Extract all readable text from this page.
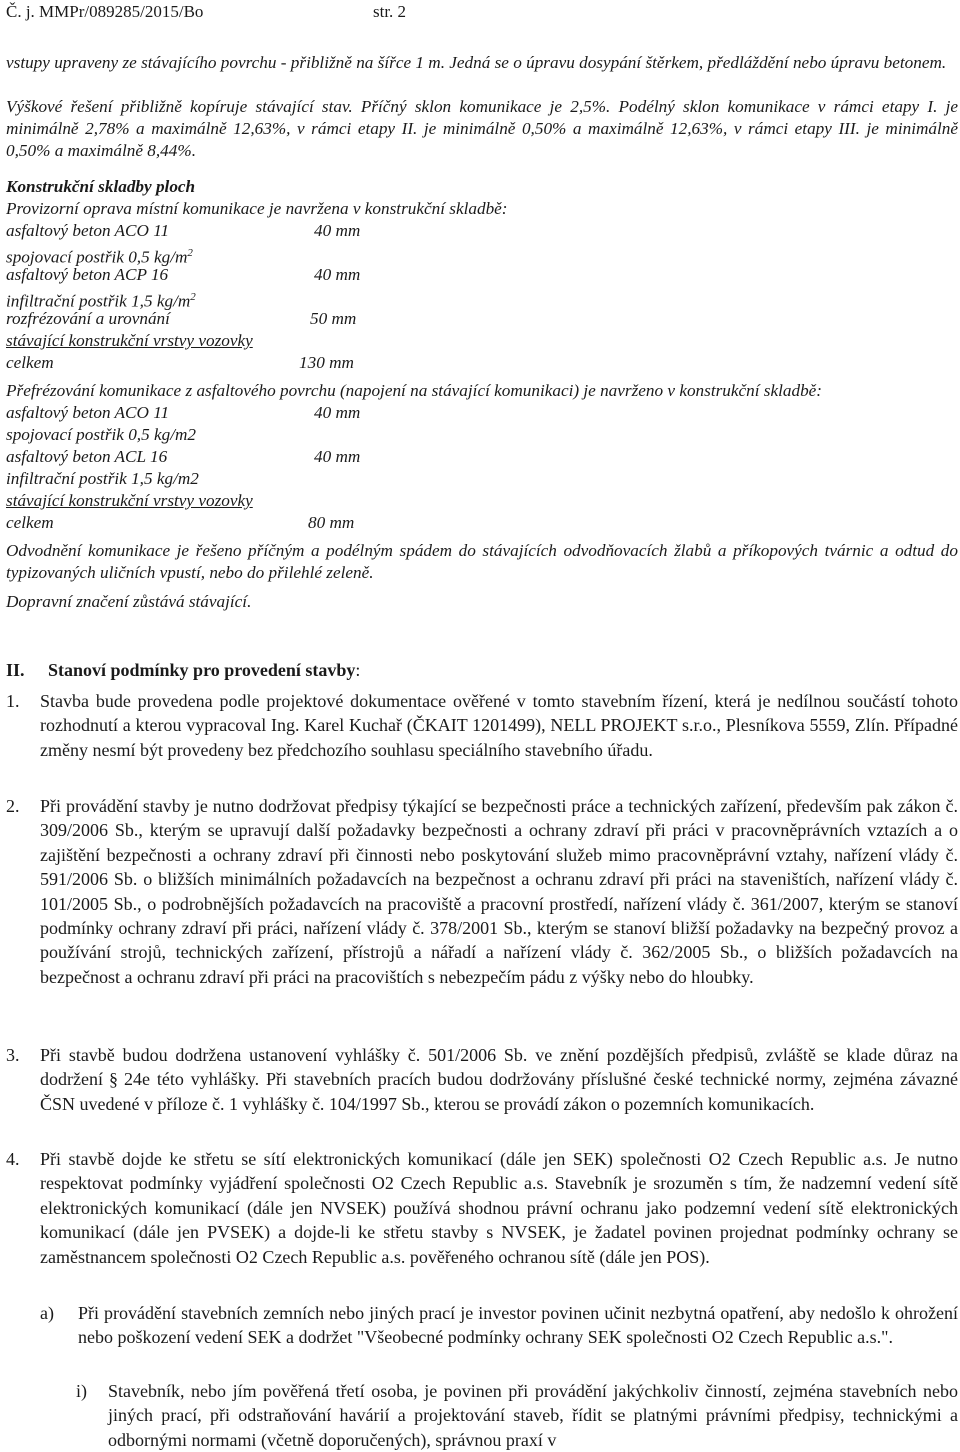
Č. j. MMPr/089285/2015/Bo	str. 2
vstupy upraveny ze stávajícího povrchu - přibližně na šířce 1 m. Jedná se o úpravu dosypání štěrkem, předláždění nebo úpravu betonem.
Výškové řešení přibližně kopíruje stávající stav. Příčný sklon komunikace je 2,5%. Podélný sklon komunikace v rámci etapy I. je minimálně 2,78% a maximálně 12,63%, v rámci etapy II. je minimálně 0,50% a maximálně 12,63%, v rámci etapy III. je minimálně 0,50% a maximálně 8,44%.
Konstrukční skladby ploch
Provizorní oprava místní komunikace je navržena v konstrukční skladbě:
asfaltový beton ACO 11	40 mm
spojovací postřik 0,5 $kg/m^2$
asfaltový beton ACP 16	40 mm
infiltrační postřik 1,5 $kg/m^2$
rozfrézování a urovnání	50 mm
stávající konstrukční vrstvy vozovky
celkem	130 mm
Přefrézování komunikace z asfaltového povrchu (napojení na stávající komunikaci) je navrženo v konstrukční skladbě:
asfaltový beton ACO 11	40 mm
spojovací postřik 0,5 kg/m2
asfaltový beton ACL 16	40 mm
infiltrační postřik 1,5 kg/m2
stávající konstrukční vrstvy vozovky
celkem	80 mm
Odvodnění komunikace je řešeno příčným a podélným spádem do stávajících odvodňovacích žlabů a příkopových tvárnic a odtud do typizovaných uličních vpustí, nebo do přilehlé zeleně.
Dopravní značení zůstává stávající.
II. Stanoví podmínky pro provedení stavby:
1. Stavba bude provedena podle projektové dokumentace ověřené v tomto stavebním řízení, která je nedílnou součástí tohoto rozhodnutí a kterou vypracoval Ing. Karel Kuchař (ČKAIT 1201499), NELL PROJEKT s.r.o., Plesníkova 5559, Zlín. Případné změny nesmí být provedeny bez předchozího souhlasu speciálního stavebního úřadu.
2. Při provádění stavby je nutno dodržovat předpisy týkající se bezpečnosti práce a technických zařízení, především pak zákon č. 309/2006 Sb., kterým se upravují další požadavky bezpečnosti a ochrany zdraví při práci v pracovněprávních vztazích a o zajištění bezpečnosti a ochrany zdraví při činnosti nebo poskytování služeb mimo pracovněprávní vztahy, nařízení vlády č. 591/2006 Sb. o bližších minimálních požadavcích na bezpečnost a ochranu zdraví při práci na staveništích, nařízení vlády č. 101/2005 Sb., o podrobnějších požadavcích na pracoviště a pracovní prostředí, nařízení vlády č. 361/2007, kterým se stanoví podmínky ochrany zdraví při práci, nařízení vlády č. 378/2001 Sb., kterým se stanoví bližší požadavky na bezpečný provoz a používání strojů, technických zařízení, přístrojů a nářadí a nařízení vlády č. 362/2005 Sb., o bližších požadavcích na bezpečnost a ochranu zdraví při práci na pracovištích s nebezpečím pádu z výšky nebo do hloubky.
3. Při stavbě budou dodržena ustanovení vyhlášky č. 501/2006 Sb. ve znění pozdějších předpisů, zvláště se klade důraz na dodržení § 24e této vyhlášky. Při stavebních pracích budou dodržovány příslušné české technické normy, zejména závazné ČSN uvedené v příloze č. 1 vyhlášky č. 104/1997 Sb., kterou se provádí zákon o pozemních komunikacích.
4. Při stavbě dojde ke střetu se sítí elektronických komunikací (dále jen SEK) společnosti O2 Czech Republic a.s. Je nutno respektovat podmínky vyjádření společnosti O2 Czech Republic a.s. Stavebník je srozuměn s tím, že nadzemní vedení sítě elektronických komunikací (dále jen NVSEK) používá shodnou právní ochranu jako podzemní vedení sítě elektronických komunikací (dále jen PVSEK) a dojde-li ke střetu stavby s NVSEK, je žadatel povinen projednat podmínky ochrany se zaměstnancem společnosti O2 Czech Republic a.s. pověřeného ochranou sítě (dále jen POS).
a) Při provádění stavebních zemních nebo jiných prací je investor povinen učinit nezbytná opatření, aby nedošlo k ohrožení nebo poškození vedení SEK a dodržet "Všeobecné podmínky ochrany SEK společnosti O2 Czech Republic a.s.".
i) Stavebník, nebo jím pověřená třetí osoba, je povinen při provádění jakýchkoliv činností, zejména stavebních nebo jiných prací, při odstraňování havárií a projektování staveb, řídit se platnými právními předpisy, technickými a odbornými normami (včetně doporučených), správnou praxí v
